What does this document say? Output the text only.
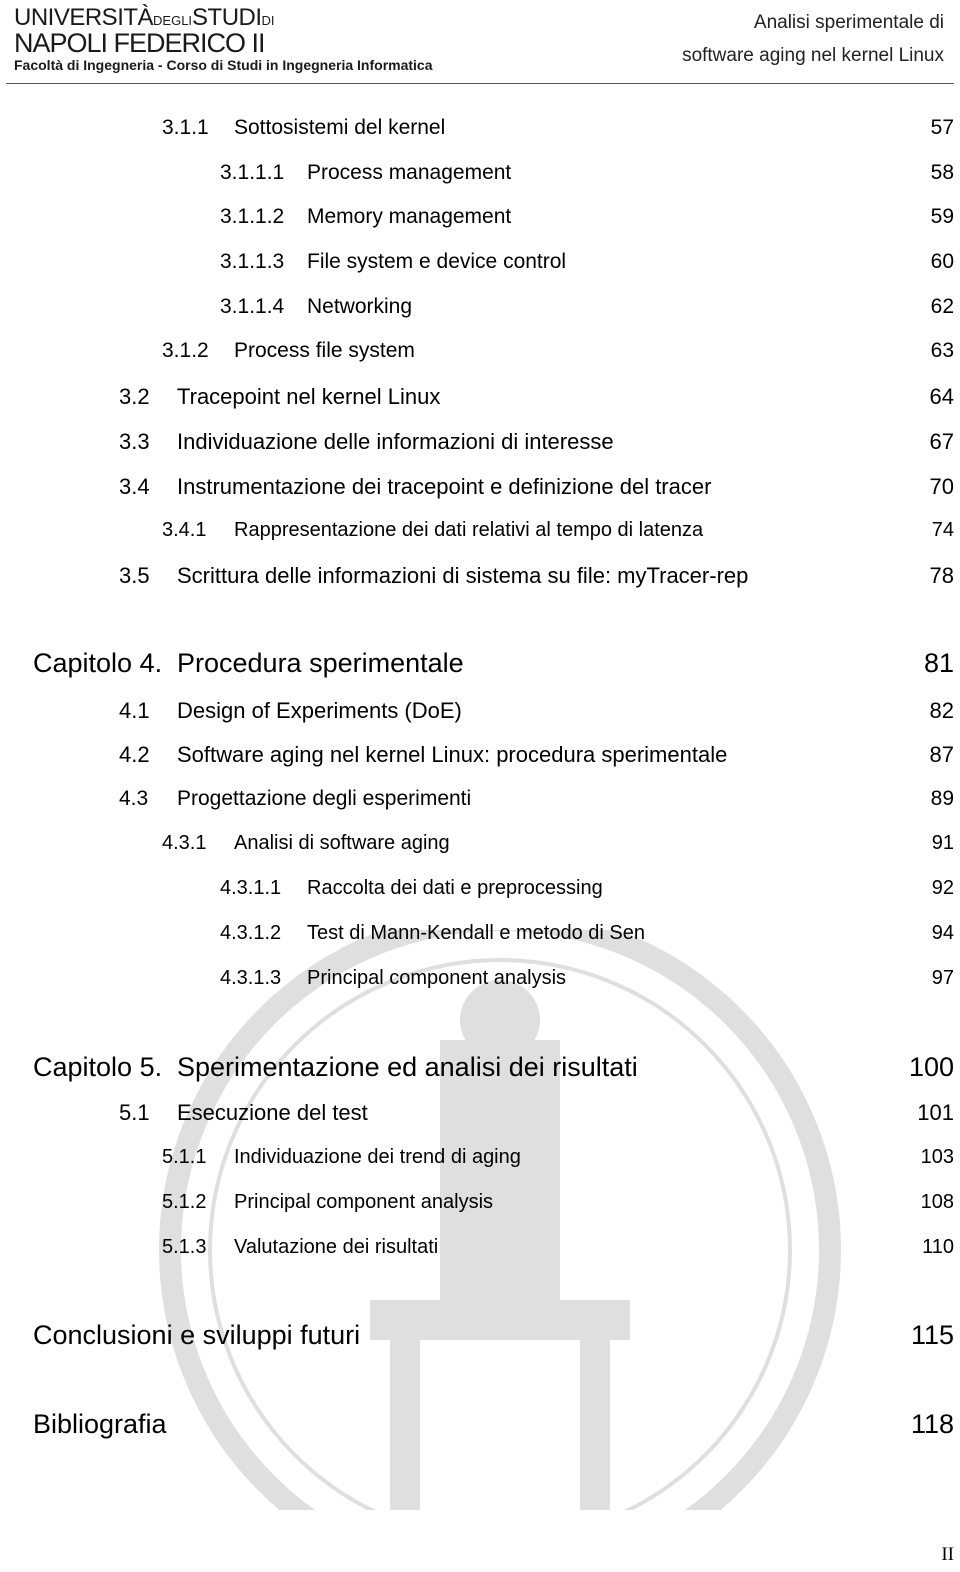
UNIVERSITÀDEGLISTUDIDI
NAPOLI FEDERICO II
Facoltà di Ingegneria - Corso di Studi in Ingegneria Informatica
Analisi sperimentale di
software aging nel kernel Linux
3.1.1 Sottosistemi del kernel	57
3.1.1.1 Process management	58
3.1.1.2 Memory management	59
3.1.1.3 File system e device control	60
3.1.1.4 Networking	62
3.1.2 Process file system	63
3.2 Tracepoint nel kernel Linux	64
3.3 Individuazione delle informazioni di interesse	67
3.4 Instrumentazione dei tracepoint e definizione del tracer	70
3.4.1 Rappresentazione dei dati relativi al tempo di latenza	74
3.5 Scrittura delle informazioni di sistema su file: myTracer-rep	78
Capitolo 4. Procedura sperimentale	81
4.1 Design of Experiments (DoE)	82
4.2 Software aging nel kernel Linux: procedura sperimentale	87
4.3 Progettazione degli esperimenti	89
4.3.1 Analisi di software aging	91
4.3.1.1 Raccolta dei dati e preprocessing	92
4.3.1.2 Test di Mann-Kendall e metodo di Sen	94
4.3.1.3 Principal component analysis	97
Capitolo 5. Sperimentazione ed analisi dei risultati	100
5.1 Esecuzione del test	101
5.1.1 Individuazione dei trend di aging	103
5.1.2 Principal component analysis	108
5.1.3 Valutazione dei risultati	110
Conclusioni e sviluppi futuri	115
Bibliografia	118
II
